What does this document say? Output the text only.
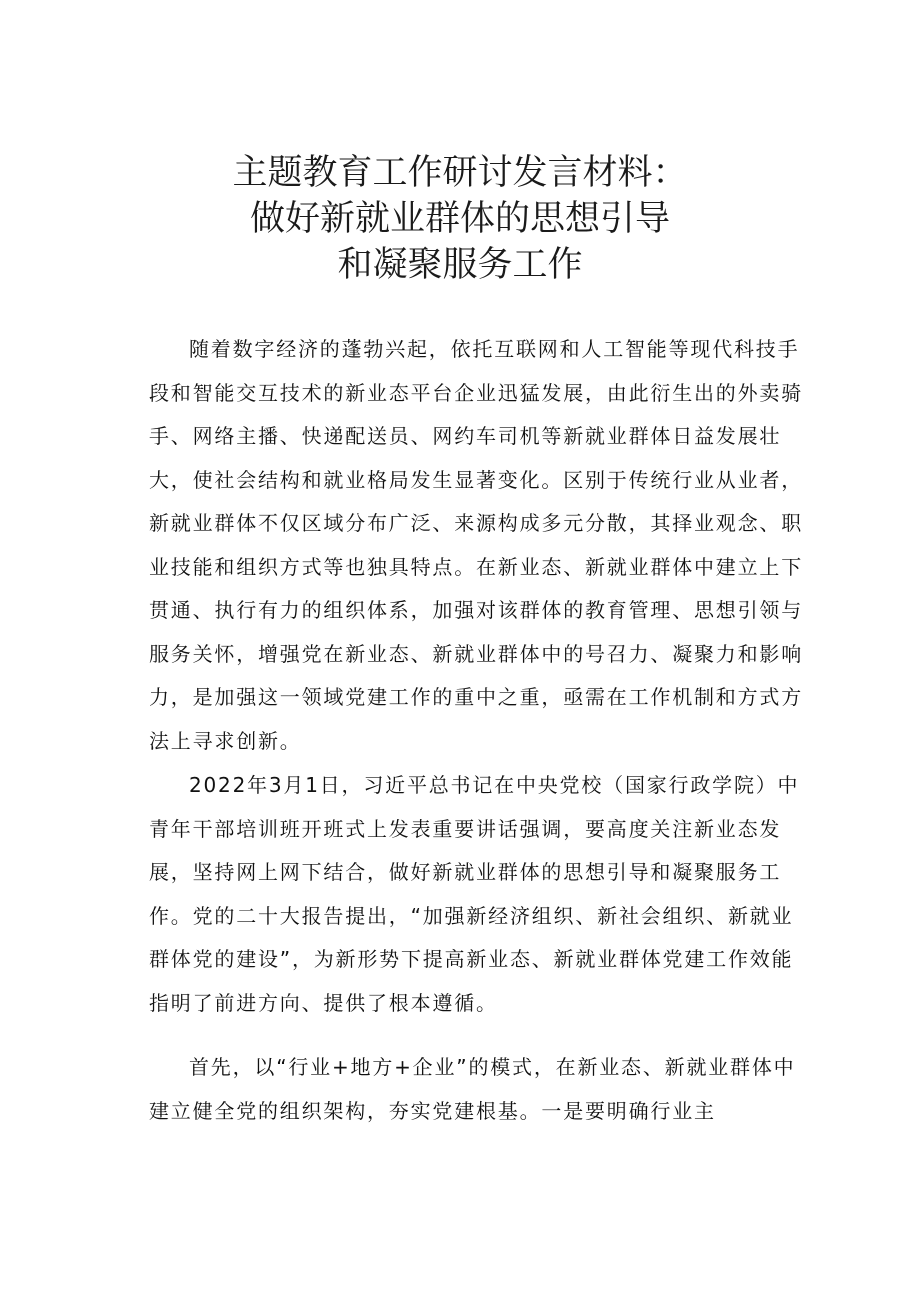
主题教育工作研讨发言材料：
做好新就业群体的思想引导
和凝聚服务工作

随着数字经济的蓬勃兴起，依托互联网和人工智能等现代科技手段和智能交互技术的新业态平台企业迅猛发展，由此衍生出的外卖骑手、网络主播、快递配送员、网约车司机等新就业群体日益发展壮大，使社会结构和就业格局发生显著变化。区别于传统行业从业者，新就业群体不仅区域分布广泛、来源构成多元分散，其择业观念、职业技能和组织方式等也独具特点。在新业态、新就业群体中建立上下贯通、执行有力的组织体系，加强对该群体的教育管理、思想引领与服务关怀，增强党在新业态、新就业群体中的号召力、凝聚力和影响力，是加强这一领域党建工作的重中之重，亟需在工作机制和方式方法上寻求创新。

2022年3月1日，习近平总书记在中央党校（国家行政学院）中青年干部培训班开班式上发表重要讲话强调，要高度关注新业态发展，坚持网上网下结合，做好新就业群体的思想引导和凝聚服务工作。党的二十大报告提出，“加强新经济组织、新社会组织、新就业群体党的建设”，为新形势下提高新业态、新就业群体党建工作效能指明了前进方向、提供了根本遵循。

首先，以“行业+地方+企业”的模式，在新业态、新就业群体中建立健全党的组织架构，夯实党建根基。一是要明确行业主
